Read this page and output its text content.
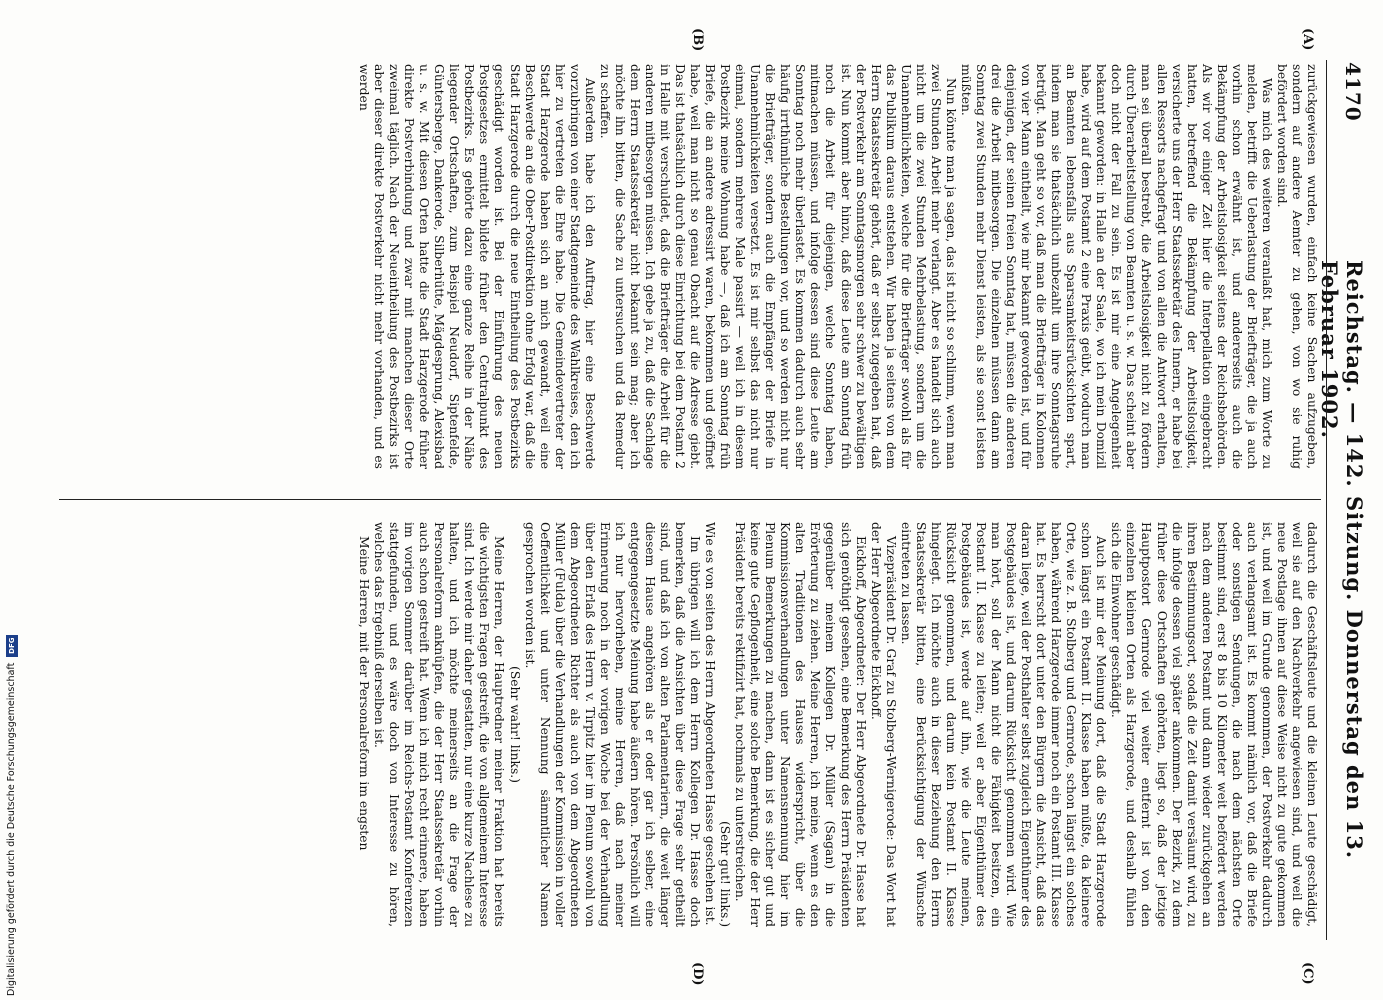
4170
Reichstag. — 142. Sitzung. Donnerstag den 13. Februar 1902.
(A)
(B)
(C)
(D)

zurückgewiesen wurden, einfach keine Sachen aufzugeben, sondern auf andere Aemter zu gehen, von wo sie ruhig befördert worden sind.

Was mich des weiteren veranlaßt hat, mich zum Worte zu melden, betrifft die Ueberlastung der Briefträger, die ja auch vorhin schon erwähnt ist, und andererseits auch die Bekämpfung der Arbeitslosigkeit seitens der Reichsbehörden. Als wir vor einiger Zeit hier die Interpellation eingebracht hatten, betreffend die Bekämpfung der Arbeitslosigkeit, versicherte uns der Herr Staatssekretär des Innern, er habe bei allen Ressorts nachgefragt und von allen die Antwort erhalten, man sei überall bestrebt, die Arbeitslosigkeit nicht zu fördern durch Überarbeitstellung von Beamten u. s. w. Das scheint aber doch nicht der Fall zu sein. Es ist mir eine Angelegenheit bekannt geworden: in Halle an der Saale, wo ich mein Domizil habe, wird auf dem Postamt 2 eine Praxis geübt, wodurch man an Beamten lebensfalls aus Sparsamkeitsrücksichten spart, indem man sie thatsächlich unbezahlt um ihre Sonntagsruhe betrügt. Man geht so vor, daß man die Briefträger in Kolonnen von vier Mann eintheilt, wie mir bekannt geworden ist, und für denjenigen, der seinen freien Sonntag hat, müssen die anderen drei die Arbeit mitbesorgen. Die einzelnen müssen dann am Sonntag zwei Stunden mehr Dienst leisten, als sie sonst leisten müßten.

Nun könnte man ja sagen, das ist nicht so schlimm, wenn man zwei Stunden Arbeit mehr verlangt. Aber es handelt sich auch nicht um die zwei Stunden Mehrbelastung, sondern um die Unannehmlichkeiten, welche für die Briefträger sowohl als für das Publikum daraus entstehen. Wir haben ja seitens von dem Herrn Staatssekretär gehört, daß er selbst zugegeben hat, daß der Postverkehr am Sonntagsmorgen sehr schwer zu bewältigen ist. Nun kommt aber hinzu, daß diese Leute am Sonntag früh noch die Arbeit für diejenigen, welche Sonntag haben, mitmachen müssen, und infolge dessen sind diese Leute am Sonntag noch mehr überlastet. Es kommen dadurch auch sehr häufig irrthümliche Bestellungen vor, und so werden nicht nur die Briefträger, sondern auch die Empfänger der Briefe in Unannehmlichkeiten versetzt. Es ist mir selbst das nicht nur einmal, sondern mehrere Male passirt — weil ich in diesem Postbezirk meine Wohnung habe —, daß ich am Sonntag früh Briefe, die an andere adressirt waren, bekommen und geöffnet habe, weil man nicht so genau Obacht auf die Adresse giebt. Das ist thatsächlich durch diese Einrichtung bei dem Postamt 2 in Halle mit verschuldet, daß die Briefträger die Arbeit für die anderen mitbesorgen müssen. Ich gebe ja zu, daß die Sachlage dem Herrn Staatssekretär nicht bekannt sein mag; aber ich möchte ihn bitten, die Sache zu untersuchen und da Remedur zu schaffen.

Außerdem habe ich den Auftrag, hier eine Beschwerde vorzubringen von einer Stadtgemeinde des Wahlkreises, den ich hier zu vertreten die Ehre habe. Die Gemeindevertreter der Stadt Harzgerode haben sich an mich gewandt, weil eine Beschwerde an die Ober-Postdirektion ohne Erfolg war, daß die Stadt Harzgerode durch die neue Eintheilung des Postbezirks geschädigt worden ist. Bei der Einführung des neuen Postgesetzes ermittelt bildete früher den Centralpunkt des Postbezirks. Es gehörte dazu eine ganze Reihe in der Nähe liegender Ortschaften, zum Beispiel Neudorf, Siptenfelde, Güntersberge, Dankerode, Silberhütte, Mägdesprung, Alexisbad u. s. w. Mit diesen Orten hatte die Stadt Harzgerode früher direkte Postverbindung und zwar mit manchen dieser Orte zweimal täglich. Nach der Neueintheilung des Postbezirks ist aber dieser direkte Postverkehr nicht mehr vorhanden, und es werden

dadurch die Geschäftsleute und die kleinen Leute geschädigt, weil sie auf den Nachverkehr angewiesen sind, und weil die neue Postlage ihnen auf diese Weise nicht zu gute gekommen ist, und weil im Grunde genommen, der Postverkehr dadurch auch verlangsamt ist. Es kommt nämlich vor, daß die Briefe oder sonstigen Sendungen, die nach dem nächsten Orte bestimmt sind, erst 8 bis 10 Kilometer weit befördert werden nach dem anderen Postamt und dann wieder zurückgehen an ihren Bestimmungsort, sodaß die Zeit damit versäumt wird, zu die infolge dessen viel später ankommen. Der Bezirk, zu dem früher diese Ortschaften gehörten, liegt so, daß der jetzige Hauptpostort Gernrode viel weiter entfernt ist von den einzelnen kleinen Orten als Harzgerode, und deshalb fühlen sich die Einwohner geschädigt.

Auch ist mir der Meinung dort, daß die Stadt Harzgerode schon längst ein Postamt II. Klasse haben müßte, da kleinere Orte, wie z. B. Stolberg und Gernrode, schon längst ein solches haben, während Harzgerode immer noch ein Postamt III. Klasse hat. Es herrscht dort unter den Bürgern die Ansicht, daß das daran liege, weil der Posthalter selbst zugleich Eigenthümer des Postgebäudes ist, und darum Rücksicht genommen wird. Wie man hört, soll der Mann nicht die Fähigkeit besitzen, ein Postamt II. Klasse zu leiten; weil er aber Eigenthümer des Postgebäudes ist, werde auf ihn, wie die Leute meinen, Rücksicht genommen, und darum kein Postamt II. Klasse hingelegt. Ich möchte auch in dieser Beziehung den Herrn Staatssekretär bitten, eine Berücksichtigung der Wünsche eintreten zu lassen.

Vizepräsident Dr. Graf zu Stolberg-Wernigerode: Das Wort hat der Herr Abgeordnete Eickhoff.

Eickhoff, Abgeordneter: Der Herr Abgeordnete Dr. Hasse hat sich genöthigt gesehen, eine Bemerkung des Herrn Präsidenten gegenüber meinem Kollegen Dr. Müller (Sagan) in die Erörterung zu ziehen. Meine Herren, ich meine, wenn es den alten Traditionen des Hauses widerspricht, über die Kommissionsverhandlungen unter Namensnennung hier im Plenum Bemerkungen zu machen, dann ist es sicher gut und keine gute Gepflogenheit, eine solche Bemerkung, die der Herr Präsident bereits rektifizirt hat, nochmals zu unterstreichen.

(Sehr gut! links.)

Wie es von seiten des Herrn Abgeordneten Hasse geschehen ist.

Im übrigen will ich dem Herrn Kollegen Dr. Hasse doch bemerken, daß die Ansichten über diese Frage sehr getheilt sind, und daß ich von alten Parlamentariern, die weit länger diesem Hause angehören als er oder gar ich selber, eine entgegengesetzte Meinung habe äußern hören. Persönlich will ich nur hervorheben, meine Herren, daß nach meiner Erinnerung noch in der vorigen Woche bei der Verhandlung über den Erlaß des Herrn v. Tirpitz hier im Plenum sowohl von dem Abgeordneten Richter als auch von dem Abgeordneten Müller (Fulda) über die Verhandlungen der Kommission in voller Oeffentlichkeit und unter Nennung sämmtlicher Namen gesprochen worden ist.

(Sehr wahr! links.)

Meine Herren, der Hauptredner meiner Fraktion hat bereits die wichtigsten Fragen gestreift, die von allgemeinem Interesse sind. Ich werde mir daher gestatten, nur eine kurze Nachlese zu halten, und ich möchte meinerseits an die Frage der Personalreform anknüpfen, die der Herr Staatssekretär vorhin auch schon gestreift hat. Wenn ich mich recht erinnere, haben im vorigen Sommer darüber im Reichs-Postamt Konferenzen stattgefunden, und es wäre doch von Interesse zu hören, welches das Ergebniß derselben ist.

Meine Herren, mit der Personalreform im engsten

Digitalisierung gefördert durch die Deutsche Forschungsgemeinschaft
DFG
